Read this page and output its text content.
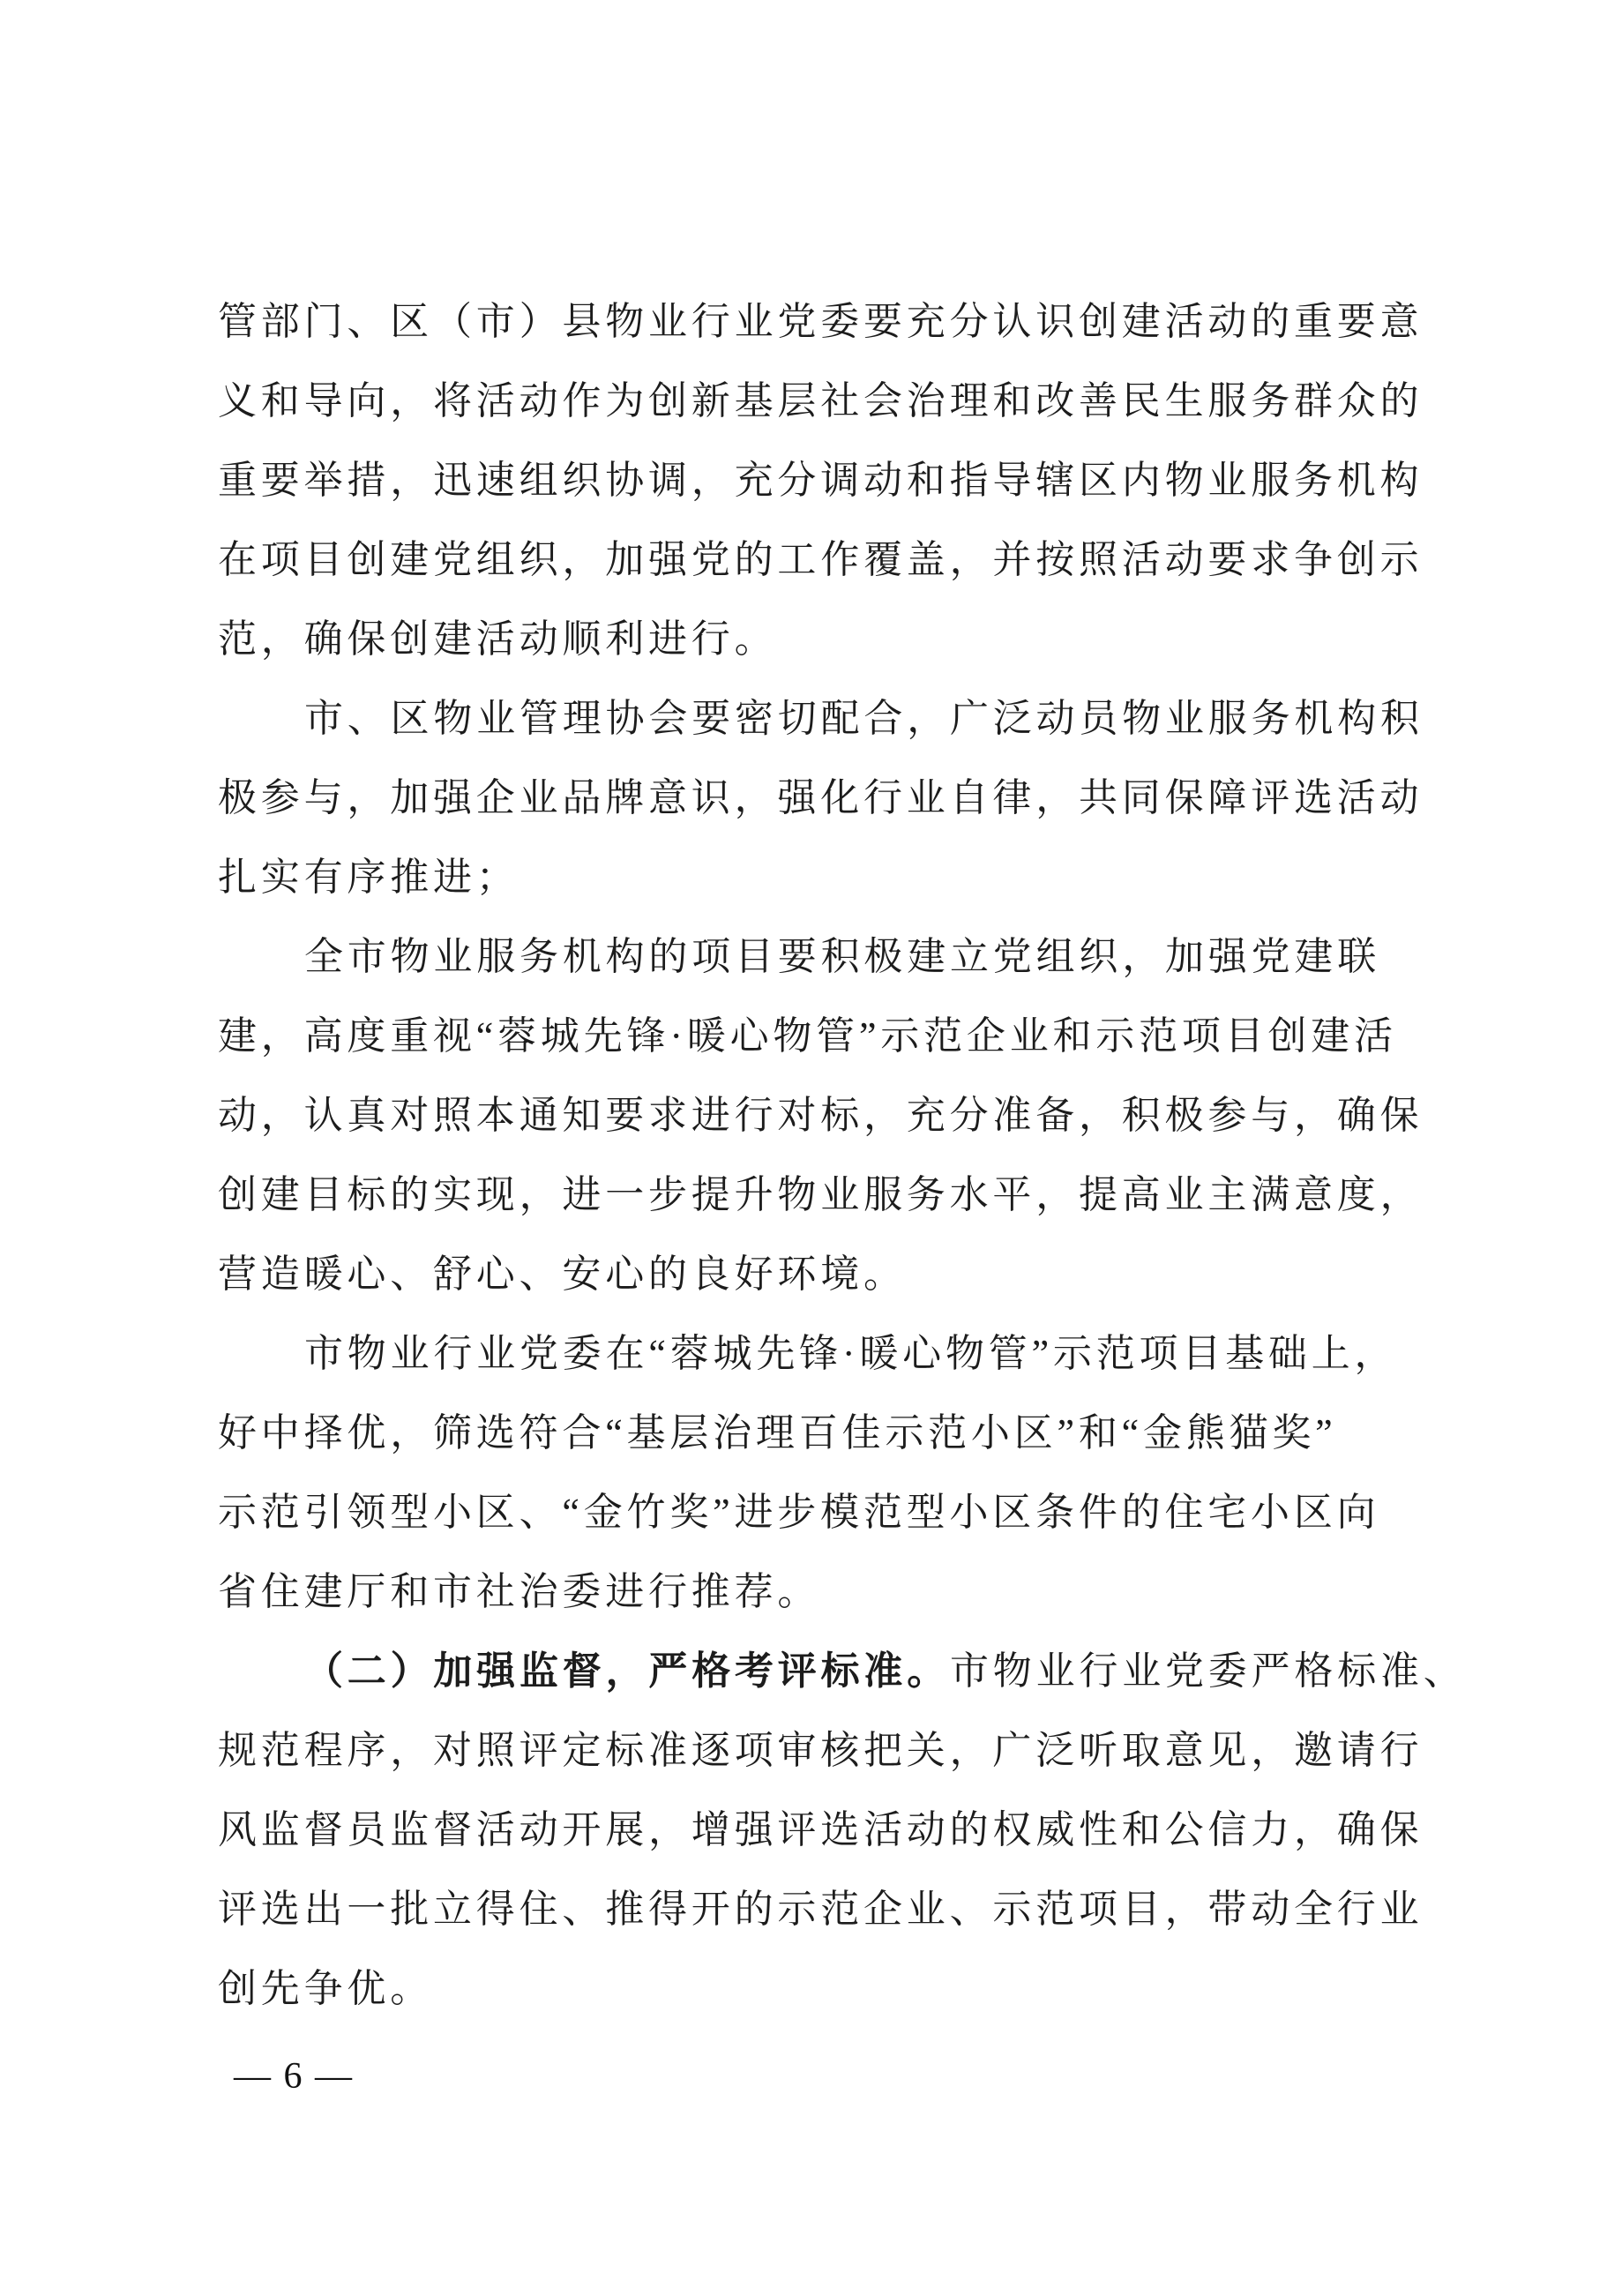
管部门、区（市）县物业行业党委要充分认识创建活动的重要意
义和导向，将活动作为创新基层社会治理和改善民生服务群众的
重要举措，迅速组织协调，充分调动和指导辖区内物业服务机构
在项目创建党组织，加强党的工作覆盖，并按照活动要求争创示
范，确保创建活动顺利进行。
市、区物业管理协会要密切配合，广泛动员物业服务机构积
极参与，加强企业品牌意识，强化行业自律，共同保障评选活动
扎实有序推进；
全市物业服务机构的项目要积极建立党组织，加强党建联
建，高度重视“蓉城先锋·暖心物管”示范企业和示范项目创建活
动，认真对照本通知要求进行对标，充分准备，积极参与，确保
创建目标的实现，进一步提升物业服务水平，提高业主满意度，
营造暖心、舒心、安心的良好环境。
市物业行业党委在“蓉城先锋·暖心物管”示范项目基础上，
好中择优，筛选符合“基层治理百佳示范小区”和“金熊猫奖”
示范引领型小区、“金竹奖”进步模范型小区条件的住宅小区向
省住建厅和市社治委进行推荐。
（二）加强监督，严格考评标准。市物业行业党委严格标准、
规范程序，对照评定标准逐项审核把关，广泛听取意见，邀请行
风监督员监督活动开展，增强评选活动的权威性和公信力，确保
评选出一批立得住、推得开的示范企业、示范项目，带动全行业
创先争优。
— 6 —
